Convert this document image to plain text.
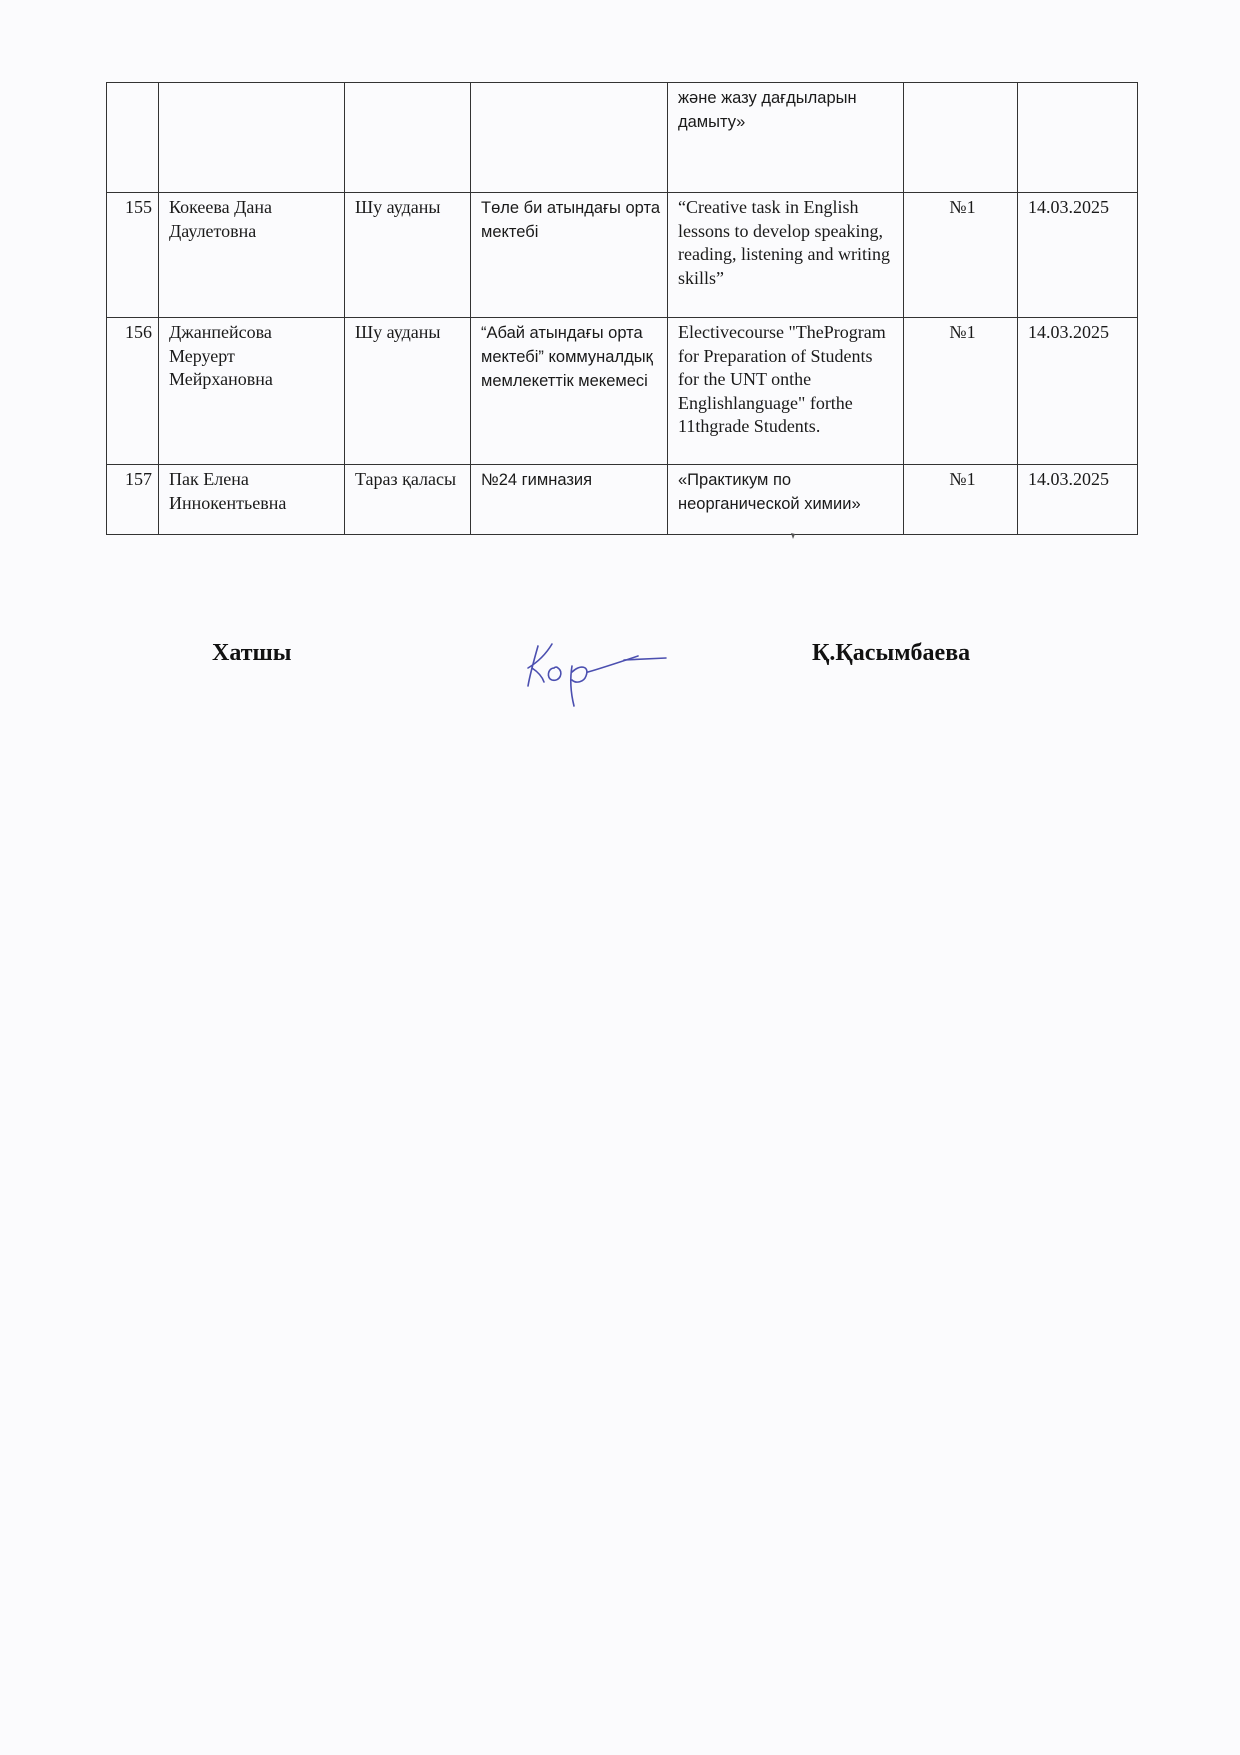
				және жазу дағдыларын дамыту»		
155	Кокеева Дана Даулетовна	Шу ауданы	Төле би атындағы орта мектебі	“Creative task in English lessons to develop speaking, reading, listening and writing skills”	№1	14.03.2025
156	Джанпейсова Меруерт Мейрхановна	Шу ауданы	“Абай атындағы орта мектебі” коммуналдық мемлекеттік мекемесі	Electivecourse "TheProgram for Preparation of Students for the UNT onthe Englishlanguage" forthe 11thgrade Students.	№1	14.03.2025
157	Пак Елена Иннокентьевна	Тараз қаласы	№24 гимназия	«Практикум по неорганической химии»	№1	14.03.2025
Хатшы	Қ.Қасымбаева
